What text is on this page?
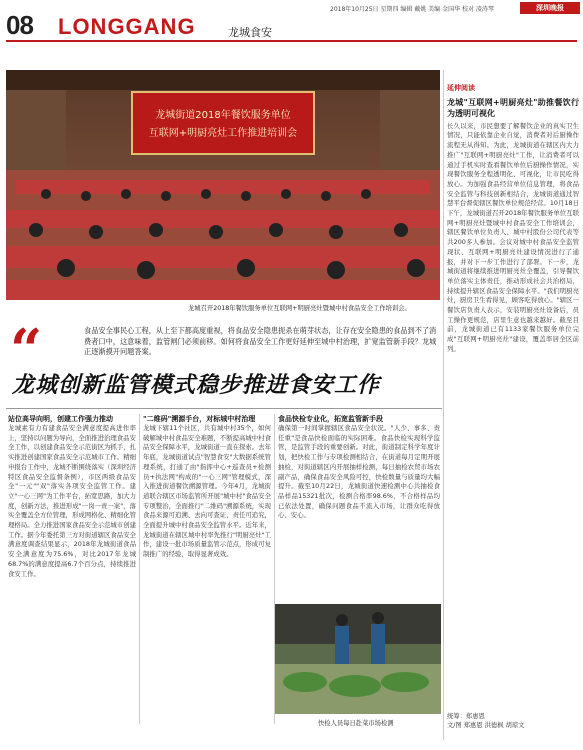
08 LONGGANG	龙城食安
2018年10月25日 星期四 编辑 戴姚 美编 金国华 校对 凌涛琴	深圳晚报
龙城街道2018年餐饮服务单位
互联网+明厨亮灶工作推进培训会
龙城召开2018年餐饮服务单位互联网+明厨亮灶暨城中村食品安全工作培训会。
“	食品安全事民心工程，从上至下都高度重视，将食品安全隐患扼杀在萌芽状态，让存在安全隐患的食品到不了消费者口中，这意味着，监管闸门必须前移。如何将食品安全工作更好延伸至城中村治理，扩宽监管新手段？龙城正逐渐摸开问题答案。
龙城创新监管模式稳步推进食安工作
站位高导向明，创建工作强力推动
龙城素有力有建食品安全满意度提高进作率上，坚持以问题为导向，全面推进治理食品安全工作，以创建食品安全示范街区为抓手，扎实推进创建国家食品安全示范城市工作。精细申报台工作中，龙城不断围绕落实（深圳经济特区食品安全监督条例），市区两级食品安全"一元""双"落实各项安全监管工作。建立"一心三网"为工作平台，拓宽思路，加大力度，创新方法，推进形成"一岗一责一案"，落实全覆盖全方位管理，形成网格化、精细化管理格局。全力推进国家食品安全示范城市创建工作。据今年委托第三方对街道辖区食品安全满意度调查结果显示，2018年龙城街道食品安全满意度为75.6%，对比2017年龙城68.7%的满意度提高6.7个百分点，持续推进食安工作。
"二维码"溯源手台，对标城中村治理
龙城下辖11个社区，共有城中村35个，如何破解城中村食品安全难题，不断提高城中村食品安全保障水平，龙城街道一直在探索。去年年底，龙城街道试点"智慧食安"大数据系统管理系统，打通了由"指挥中心+巡查员+检测员+执法网"构成的"一心三网"管理模式，深入推进街道餐饮溯源管理。今年4月，龙城街道联合辖区市场监管所开展"城中村"食品安全专项整治，全面推行"二维码"溯源系统，实现食品来源可追溯、去向可查证、责任可追究，全面提升城中村食品安全监管水平。近年来，龙城街道在辖区城中村率先推行"明厨亮灶"工作，建设一批市场质量监管示范点，形成可复制推广的经验，取得显著成效。
食品快检专业化，拓宽监管新手段
确保第一时间掌握辖区食品安全状况。"人少、事多、责任重"是食品快检面临的实际困难。食品快检实现科学监管，是监管手段的重要创新。对此，街道制定科学年度计划，把快检工作与专项检测相结合，在街道每月定期开展抽检，对街道辖区内开展抽样检测，每日抽检农贸市场农副产品，确保食品安全风险可控，快检数量与质量均大幅提升。截至10月22日，龙城街道快速检测中心共抽检食品样品15321批次，检测合格率98.6%，不合格样品均已依法处置，确保问题食品不流入市场，让群众吃得放心、安心。
快检人员每日赴菜市场检测
延伸阅读
龙城"互联网+明厨亮灶"助推餐饮行为透明可视化
长久以来，市民想要了解餐饮企业的真实卫生情况，只能依靠企业自觉，消费者对后厨操作流程无从得知。为此，龙城街道在辖区内大力推广"互联网+明厨亮灶"工作，让消费者可以通过手机实时查看餐饮单位后厨操作情况，实现餐饮服务全程透明化、可视化，让市民吃得放心。为加强食品经营单位信息管理，将食品安全监管与科技创新相结合，龙城街道通过智慧平台督促辖区餐饮单位规范经营。10月18日下午，龙城街道召开2018年餐饮服务单位互联网+明厨亮灶暨城中村食品安全工作培训会，辖区餐饮单位负责人、城中村股份公司代表等共200多人参加。会议对城中村食品安全监管现状、互联网+明厨亮灶建设情况进行了通报，并对下一步工作进行了部署。下一步，龙城街道将继续推进明厨亮灶全覆盖，引导餐饮单位落实主体责任，推动形成社会共治格局，持续提升辖区食品安全保障水平。"我们明厨亮灶，厨房卫生看得见，顾客吃得放心。"辖区一餐饮店负责人表示，安装明厨亮灶设备后，员工操作更规范，店里生意也越来越好。截至目前，龙城街道已有1133家餐饮服务单位完成"互联网+明厨亮灶"建设，覆盖率居全区前列。
统筹：郑惠恩
文/图 郑惠恩 洪德枫 胡琼文
